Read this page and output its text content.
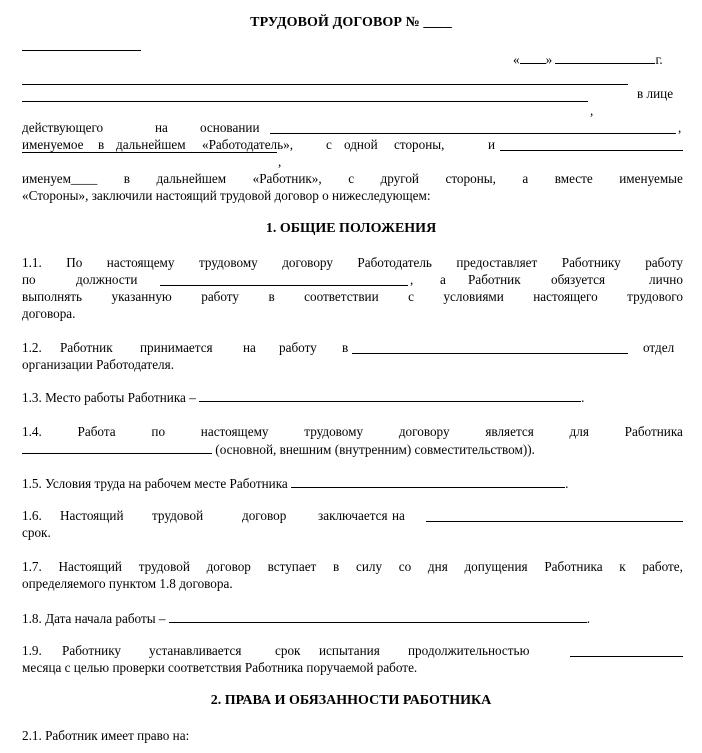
ТРУДОВОЙ ДОГОВОР № ____
« »	г.
в лице
,
действующего	на основании	,
именуемое в дальнейшем «Работодатель», с одной стороны,	и
,
именуем____ в дальнейшем «Работник», с другой стороны, а вместе именуемые
«Стороны», заключили настоящий трудовой договор о нижеследующем:
1. ОБЩИЕ ПОЛОЖЕНИЯ
1.1. По настоящему трудовому договору Работодатель предоставляет Работнику работу
по	должности	, а Работник обязуется	лично
выполнять указанную работу в соответствии с условиями настоящего трудового
договора.
1.2. Работник принимается на работу в	отдел
организации Работодателя.
1.3. Место работы Работника –	.
1.4.	Работа	по	настоящему	трудовому	договору	является	для	Работника
(основной, внешним (внутренним) совместительством)).
1.5. Условия труда на рабочем месте Работника	.
1.6. Настоящий трудовой	договор заключается на
срок.
1.7. Настоящий трудовой договор вступает в силу со дня допущения Работника к работе,
определяемого пунктом 1.8 договора.
1.8. Дата начала работы –	.
1.9. Работнику устанавливается	срок испытания продолжительностью
месяца с целью проверки соответствия Работника поручаемой работе.
2. ПРАВА И ОБЯЗАННОСТИ РАБОТНИКА
2.1. Работник имеет право на:
